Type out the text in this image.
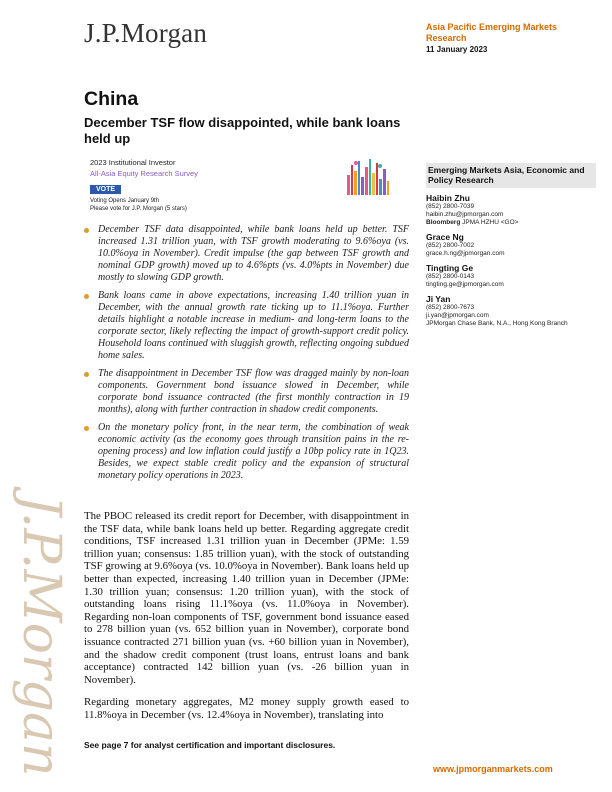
J.P.Morgan	Asia Pacific Emerging Markets
Research
11 January 2023
China
December TSF flow disappointed, while bank loans held up
2023 Institutional Investor
All-Asia Equity Research Survey
VOTE
Voting Opens January 9th
Please vote for J.P. Morgan (5 stars)
December TSF data disappointed, while bank loans held up better. TSF increased 1.31 trillion yuan, with TSF growth moderating to 9.6%oya (vs. 10.0%oya in November). Credit impulse (the gap between TSF growth and nominal GDP growth) moved up to 4.6%pts (vs. 4.0%pts in November) due mostly to slowing GDP growth.
Bank loans came in above expectations, increasing 1.40 trillion yuan in December, with the annual growth rate ticking up to 11.1%oya. Further details highlight a notable increase in medium- and long-term loans to the corporate sector, likely reflecting the impact of growth-support credit policy. Household loans continued with sluggish growth, reflecting ongoing subdued home sales.
The disappointment in December TSF flow was dragged mainly by non-loan components. Government bond issuance slowed in December, while corporate bond issuance contracted (the first monthly contraction in 19 months), along with further contraction in shadow credit components.
On the monetary policy front, in the near term, the combination of weak economic activity (as the economy goes through transition pains in the re-opening process) and low inflation could justify a 10bp policy rate in 1Q23. Besides, we expect stable credit policy and the expansion of structural monetary policy operations in 2023.

The PBOC released its credit report for December, with disappointment in the TSF data, while bank loans held up better. Regarding aggregate credit conditions, TSF increased 1.31 trillion yuan in December (JPMe: 1.59 trillion yuan; consensus: 1.85 trillion yuan), with the stock of outstanding TSF growing at 9.6%oya (vs. 10.0%oya in November). Bank loans held up better than expected, increasing 1.40 trillion yuan in December (JPMe: 1.30 trillion yuan; consensus: 1.20 trillion yuan), with the stock of outstanding loans rising 11.1%oya (vs. 11.0%oya in November). Regarding non-loan components of TSF, government bond issuance eased to 278 billion yuan (vs. 652 billion yuan in November), corporate bond issuance contracted 271 billion yuan (vs. +60 billion yuan in November), and the shadow credit component (trust loans, entrust loans and bank acceptance) contracted 142 billion yuan (vs. -26 billion yuan in November).

Regarding monetary aggregates, M2 money supply growth eased to 11.8%oya in December (vs. 12.4%oya in November), translating into

See page 7 for analyst certification and important disclosures.
www.jpmorganmarkets.com
Emerging Markets Asia, Economic and Policy Research
Haibin Zhu
(852) 2800-7039
haibin.zhu@jpmorgan.com
Bloomberg JPMA HZHU <GO>
Grace Ng
(852) 2800-7002
grace.h.ng@jpmorgan.com
Tingting Ge
(852) 2800-0143
tingting.ge@jpmorgan.com
Ji Yan
(852) 2800-7673
ji.yan@jpmorgan.com
JPMorgan Chase Bank, N.A., Hong Kong Branch
J.P.Morgan
